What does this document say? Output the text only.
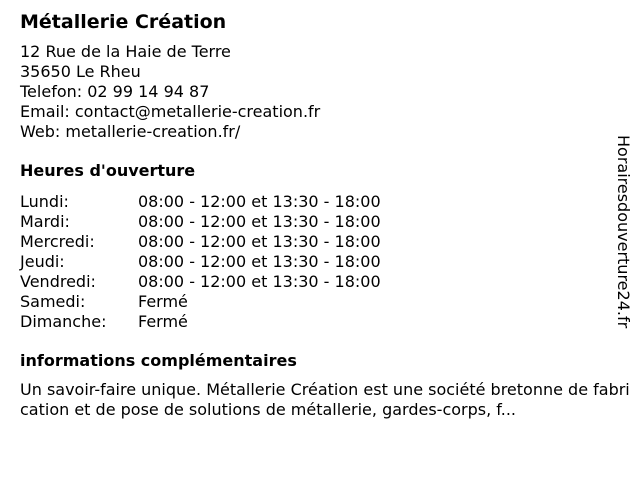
Métallerie Création
12 Rue de la Haie de Terre
35650 Le Rheu
Telefon: 02 99 14 94 87
Email: contact@metallerie-creation.fr
Web: metallerie-creation.fr/
Heures d'ouverture
Lundi:	08:00 - 12:00 et 13:30 - 18:00
Mardi:	08:00 - 12:00 et 13:30 - 18:00
Mercredi:	08:00 - 12:00 et 13:30 - 18:00
Jeudi:	08:00 - 12:00 et 13:30 - 18:00
Vendredi:	08:00 - 12:00 et 13:30 - 18:00
Samedi:	Fermé
Dimanche:	Fermé
informations complémentaires
Un savoir-faire unique. Métallerie Création est une société bretonne de fabrication et de pose de solutions de métallerie, gardes-corps, f...
Horairesdouverture24.fr
